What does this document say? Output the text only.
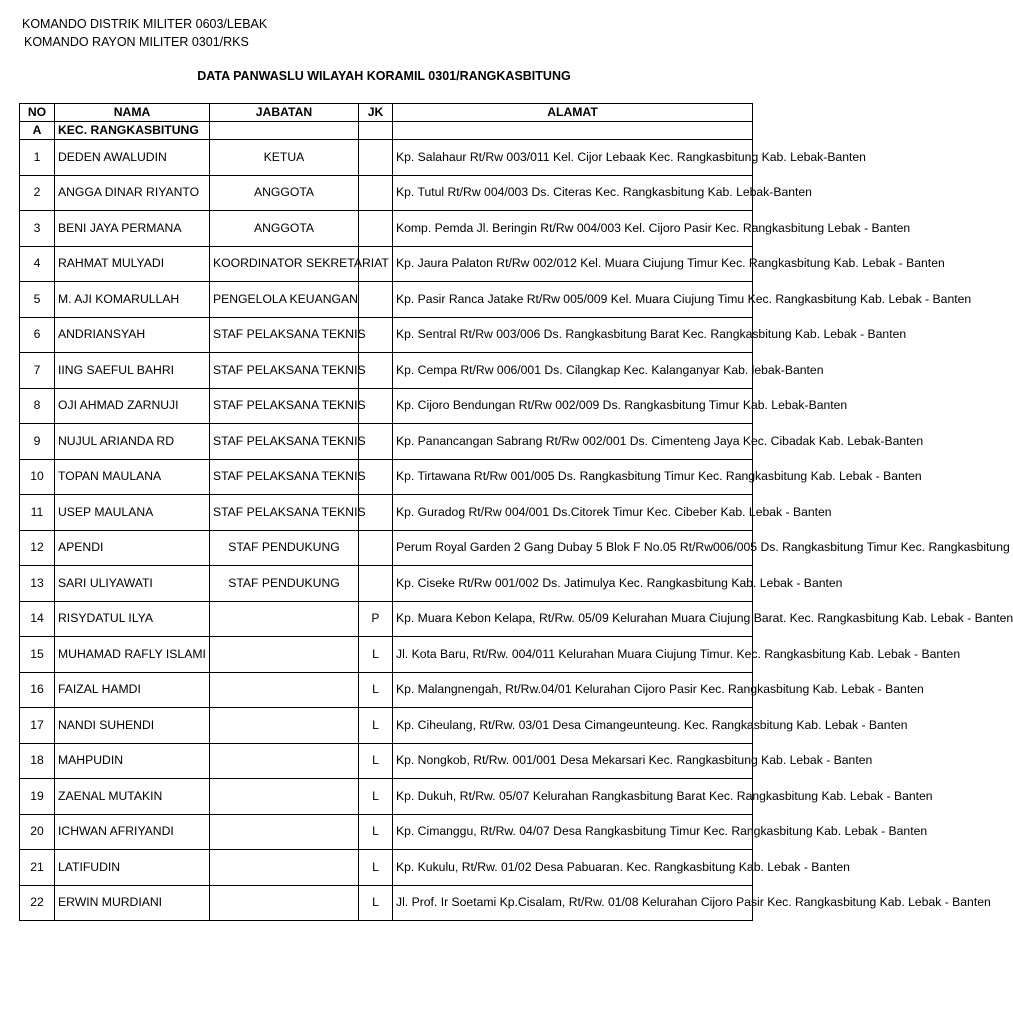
KOMANDO DISTRIK MILITER 0603/LEBAK
KOMANDO RAYON MILITER 0301/RKS
DATA PANWASLU WILAYAH KORAMIL 0301/RANGKASBITUNG
NO	NAMA	JABATAN	JK	ALAMAT
A	KEC. RANGKASBITUNG			
1	DEDEN AWALUDIN	KETUA		Kp. Salahaur Rt/Rw 003/011 Kel. Cijor Lebaak Kec. Rangkasbitung Kab. Lebak-Banten
2	ANGGA DINAR RIYANTO	ANGGOTA		Kp. Tutul Rt/Rw 004/003 Ds. Citeras Kec. Rangkasbitung Kab. Lebak-Banten
3	BENI JAYA PERMANA	ANGGOTA		Komp. Pemda Jl. Beringin Rt/Rw 004/003 Kel. Cijoro Pasir Kec. Rangkasbitung Lebak - Banten
4	RAHMAT MULYADI	KOORDINATOR SEKRETARIAT		Kp. Jaura Palaton Rt/Rw 002/012 Kel. Muara Ciujung Timur Kec. Rangkasbitung Kab. Lebak - Banten
5	M. AJI KOMARULLAH	PENGELOLA KEUANGAN		Kp. Pasir Ranca Jatake Rt/Rw 005/009 Kel. Muara Ciujung Timu Kec. Rangkasbitung Kab. Lebak - Banten
6	ANDRIANSYAH	STAF PELAKSANA TEKNIS		Kp. Sentral Rt/Rw 003/006 Ds. Rangkasbitung Barat Kec. Rangkasbitung Kab. Lebak - Banten
7	IING SAEFUL BAHRI	STAF PELAKSANA TEKNIS		Kp. Cempa Rt/Rw 006/001 Ds. Cilangkap Kec. Kalanganyar Kab. lebak-Banten
8	OJI AHMAD ZARNUJI	STAF PELAKSANA TEKNIS		Kp. Cijoro Bendungan Rt/Rw 002/009 Ds. Rangkasbitung Timur Kab. Lebak-Banten
9	NUJUL ARIANDA RD	STAF PELAKSANA TEKNIS		Kp. Panancangan Sabrang Rt/Rw 002/001 Ds. Cimenteng Jaya Kec. Cibadak Kab. Lebak-Banten
10	TOPAN MAULANA	STAF PELAKSANA TEKNIS		Kp. Tirtawana Rt/Rw 001/005 Ds. Rangkasbitung Timur Kec. Rangkasbitung Kab. Lebak - Banten
11	USEP MAULANA	STAF PELAKSANA TEKNIS		Kp. Guradog Rt/Rw 004/001 Ds.Citorek Timur Kec. Cibeber Kab. Lebak - Banten
12	APENDI	STAF PENDUKUNG		Perum Royal Garden 2 Gang Dubay 5 Blok F No.05 Rt/Rw006/005 Ds. Rangkasbitung Timur Kec. Rangkasbitung
13	SARI ULIYAWATI	STAF PENDUKUNG		Kp. Ciseke Rt/Rw 001/002 Ds. Jatimulya Kec. Rangkasbitung Kab. Lebak - Banten
14	RISYDATUL ILYA		P	Kp. Muara Kebon Kelapa, Rt/Rw. 05/09 Kelurahan Muara Ciujung Barat. Kec. Rangkasbitung Kab. Lebak - Banten
15	MUHAMAD RAFLY ISLAMI		L	Jl. Kota Baru, Rt/Rw. 004/011 Kelurahan Muara Ciujung Timur. Kec. Rangkasbitung Kab. Lebak - Banten
16	FAIZAL HAMDI		L	Kp. Malangnengah, Rt/Rw.04/01 Kelurahan Cijoro Pasir Kec. Rangkasbitung Kab. Lebak - Banten
17	NANDI SUHENDI		L	Kp. Ciheulang, Rt/Rw. 03/01 Desa Cimangeunteung. Kec. Rangkasbitung Kab. Lebak - Banten
18	MAHPUDIN		L	Kp. Nongkob, Rt/Rw. 001/001 Desa Mekarsari Kec. Rangkasbitung Kab. Lebak - Banten
19	ZAENAL MUTAKIN		L	Kp. Dukuh, Rt/Rw. 05/07 Kelurahan Rangkasbitung Barat Kec. Rangkasbitung Kab. Lebak - Banten
20	ICHWAN AFRIYANDI		L	Kp. Cimanggu, Rt/Rw. 04/07 Desa Rangkasbitung Timur Kec. Rangkasbitung Kab. Lebak - Banten
21	LATIFUDIN		L	Kp. Kukulu, Rt/Rw. 01/02 Desa Pabuaran. Kec. Rangkasbitung Kab. Lebak - Banten
22	ERWIN MURDIANI		L	Jl. Prof. Ir Soetami Kp.Cisalam, Rt/Rw. 01/08 Kelurahan Cijoro Pasir Kec. Rangkasbitung Kab. Lebak - Banten
